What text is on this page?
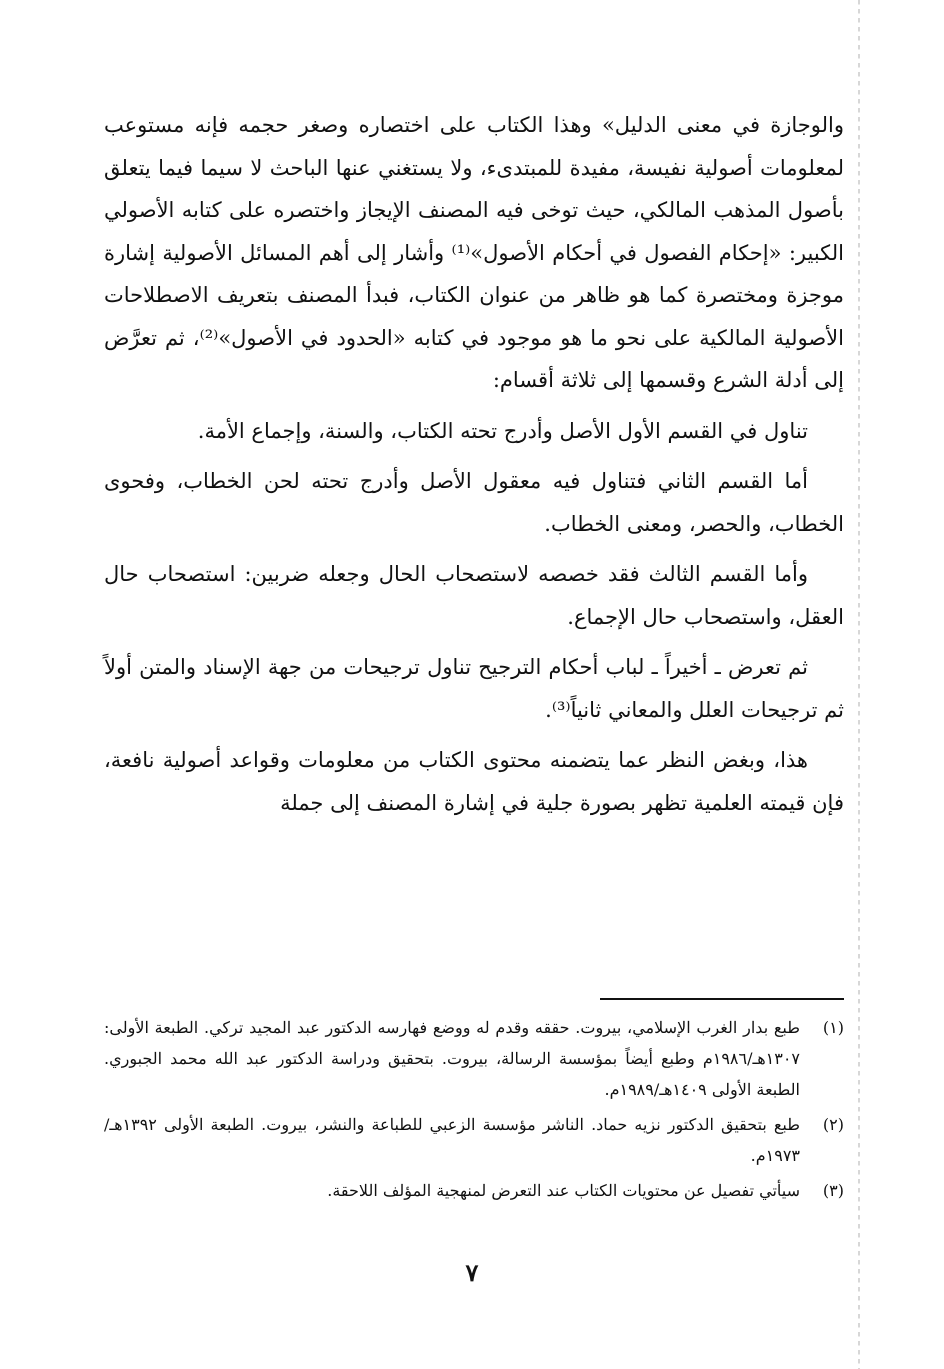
والوجازة في معنى الدليل» وهذا الكتاب على اختصاره وصغر حجمه فإنه مستوعب لمعلومات أصولية نفيسة، مفيدة للمبتدىء، ولا يستغني عنها الباحث لا سيما فيما يتعلق بأصول المذهب المالكي، حيث توخى فيه المصنف الإيجاز واختصره على كتابه الأصولي الكبير: «إحكام الفصول في أحكام الأصول»⁽¹⁾ وأشار إلى أهم المسائل الأصولية إشارة موجزة ومختصرة كما هو ظاهر من عنوان الكتاب، فبدأ المصنف بتعريف الاصطلاحات الأصولية المالكية على نحو ما هو موجود في كتابه «الحدود في الأصول»⁽²⁾، ثم تعرَّض إلى أدلة الشرع وقسمها إلى ثلاثة أقسام:

تناول في القسم الأول الأصل وأدرج تحته الكتاب، والسنة، وإجماع الأمة.

أما القسم الثاني فتناول فيه معقول الأصل وأدرج تحته لحن الخطاب، وفحوى الخطاب، والحصر، ومعنى الخطاب.

وأما القسم الثالث فقد خصصه لاستصحاب الحال وجعله ضربين: استصحاب حال العقل، واستصحاب حال الإجماع.

ثم تعرض ـ أخيراً ـ لباب أحكام الترجيح تناول ترجيحات من جهة الإسناد والمتن أولاً ثم ترجيحات العلل والمعاني ثانياً⁽³⁾.

هذا، وبغض النظر عما يتضمنه محتوى الكتاب من معلومات وقواعد أصولية نافعة، فإن قيمته العلمية تظهر بصورة جلية في إشارة المصنف إلى جملة

(١)
طبع بدار الغرب الإسلامي، بيروت. حققه وقدم له ووضع فهارسه الدكتور عبد المجيد تركي. الطبعة الأولى: ١٣٠٧هـ/١٩٨٦م وطبع أيضاً بمؤسسة الرسالة، بيروت. بتحقيق ودراسة الدكتور عبد الله محمد الجبوري. الطبعة الأولى ١٤٠٩هـ/١٩٨٩م.
(٢)
طبع بتحقيق الدكتور نزيه حماد. الناشر مؤسسة الزعبي للطباعة والنشر، بيروت. الطبعة الأولى ١٣٩٢هـ/١٩٧٣م.
(٣)
سيأتي تفصيل عن محتويات الكتاب عند التعرض لمنهجية المؤلف اللاحقة.
٧
